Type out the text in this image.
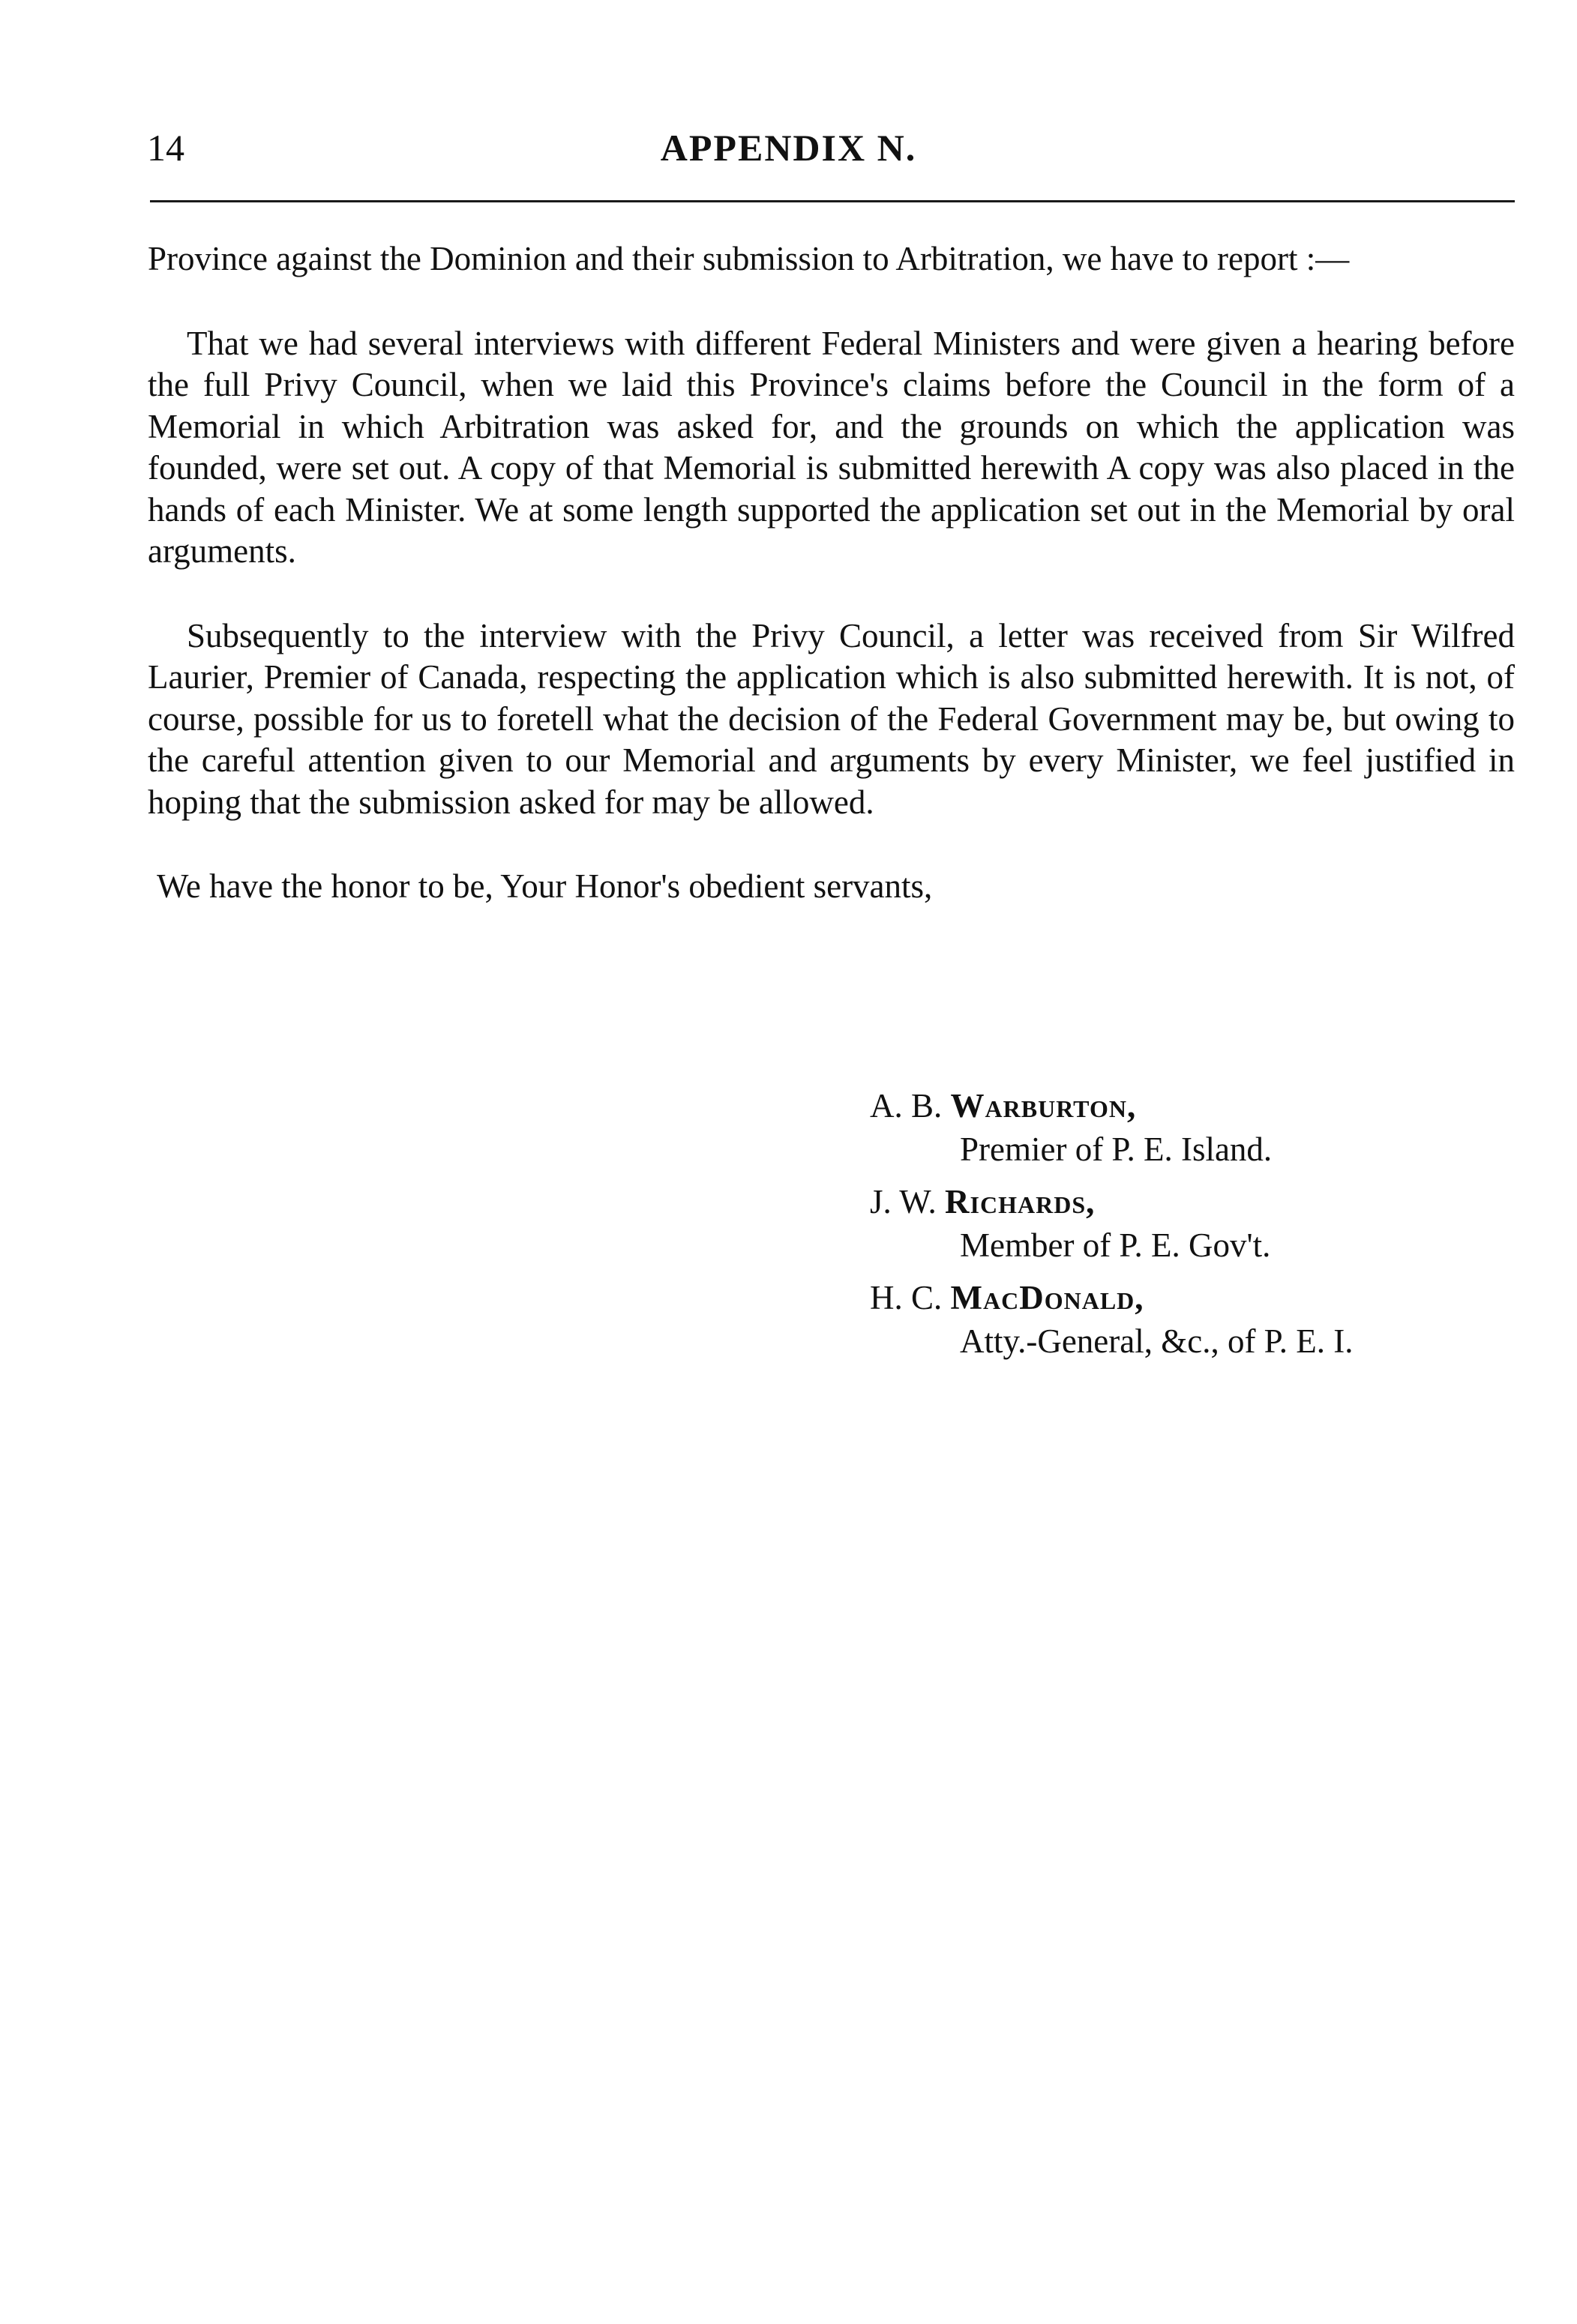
14	APPENDIX N.

Province against the Dominion and their submission to Arbitration, we have to report :—

That we had several interviews with different Federal Ministers and were given a hearing before the full Privy Council, when we laid this Province's claims before the Council in the form of a Memorial in which Arbitration was asked for, and the grounds on which the application was founded, were set out. A copy of that Memorial is submitted herewith A copy was also placed in the hands of each Minister. We at some length supported the application set out in the Memorial by oral arguments.

Subsequently to the interview with the Privy Council, a letter was received from Sir Wilfred Laurier, Premier of Canada, respecting the application which is also submitted herewith. It is not, of course, possible for us to foretell what the decision of the Federal Government may be, but owing to the careful attention given to our Memorial and arguments by every Minister, we feel justified in hoping that the submission asked for may be allowed.

We have the honor to be, Your Honor's obedient servants,

A. B. Warburton,
Premier of P. E. Island.
J. W. Richards,
Member of P. E. Gov't.
H. C. MacDonald,
Atty.-General, &c., of P. E. I.
